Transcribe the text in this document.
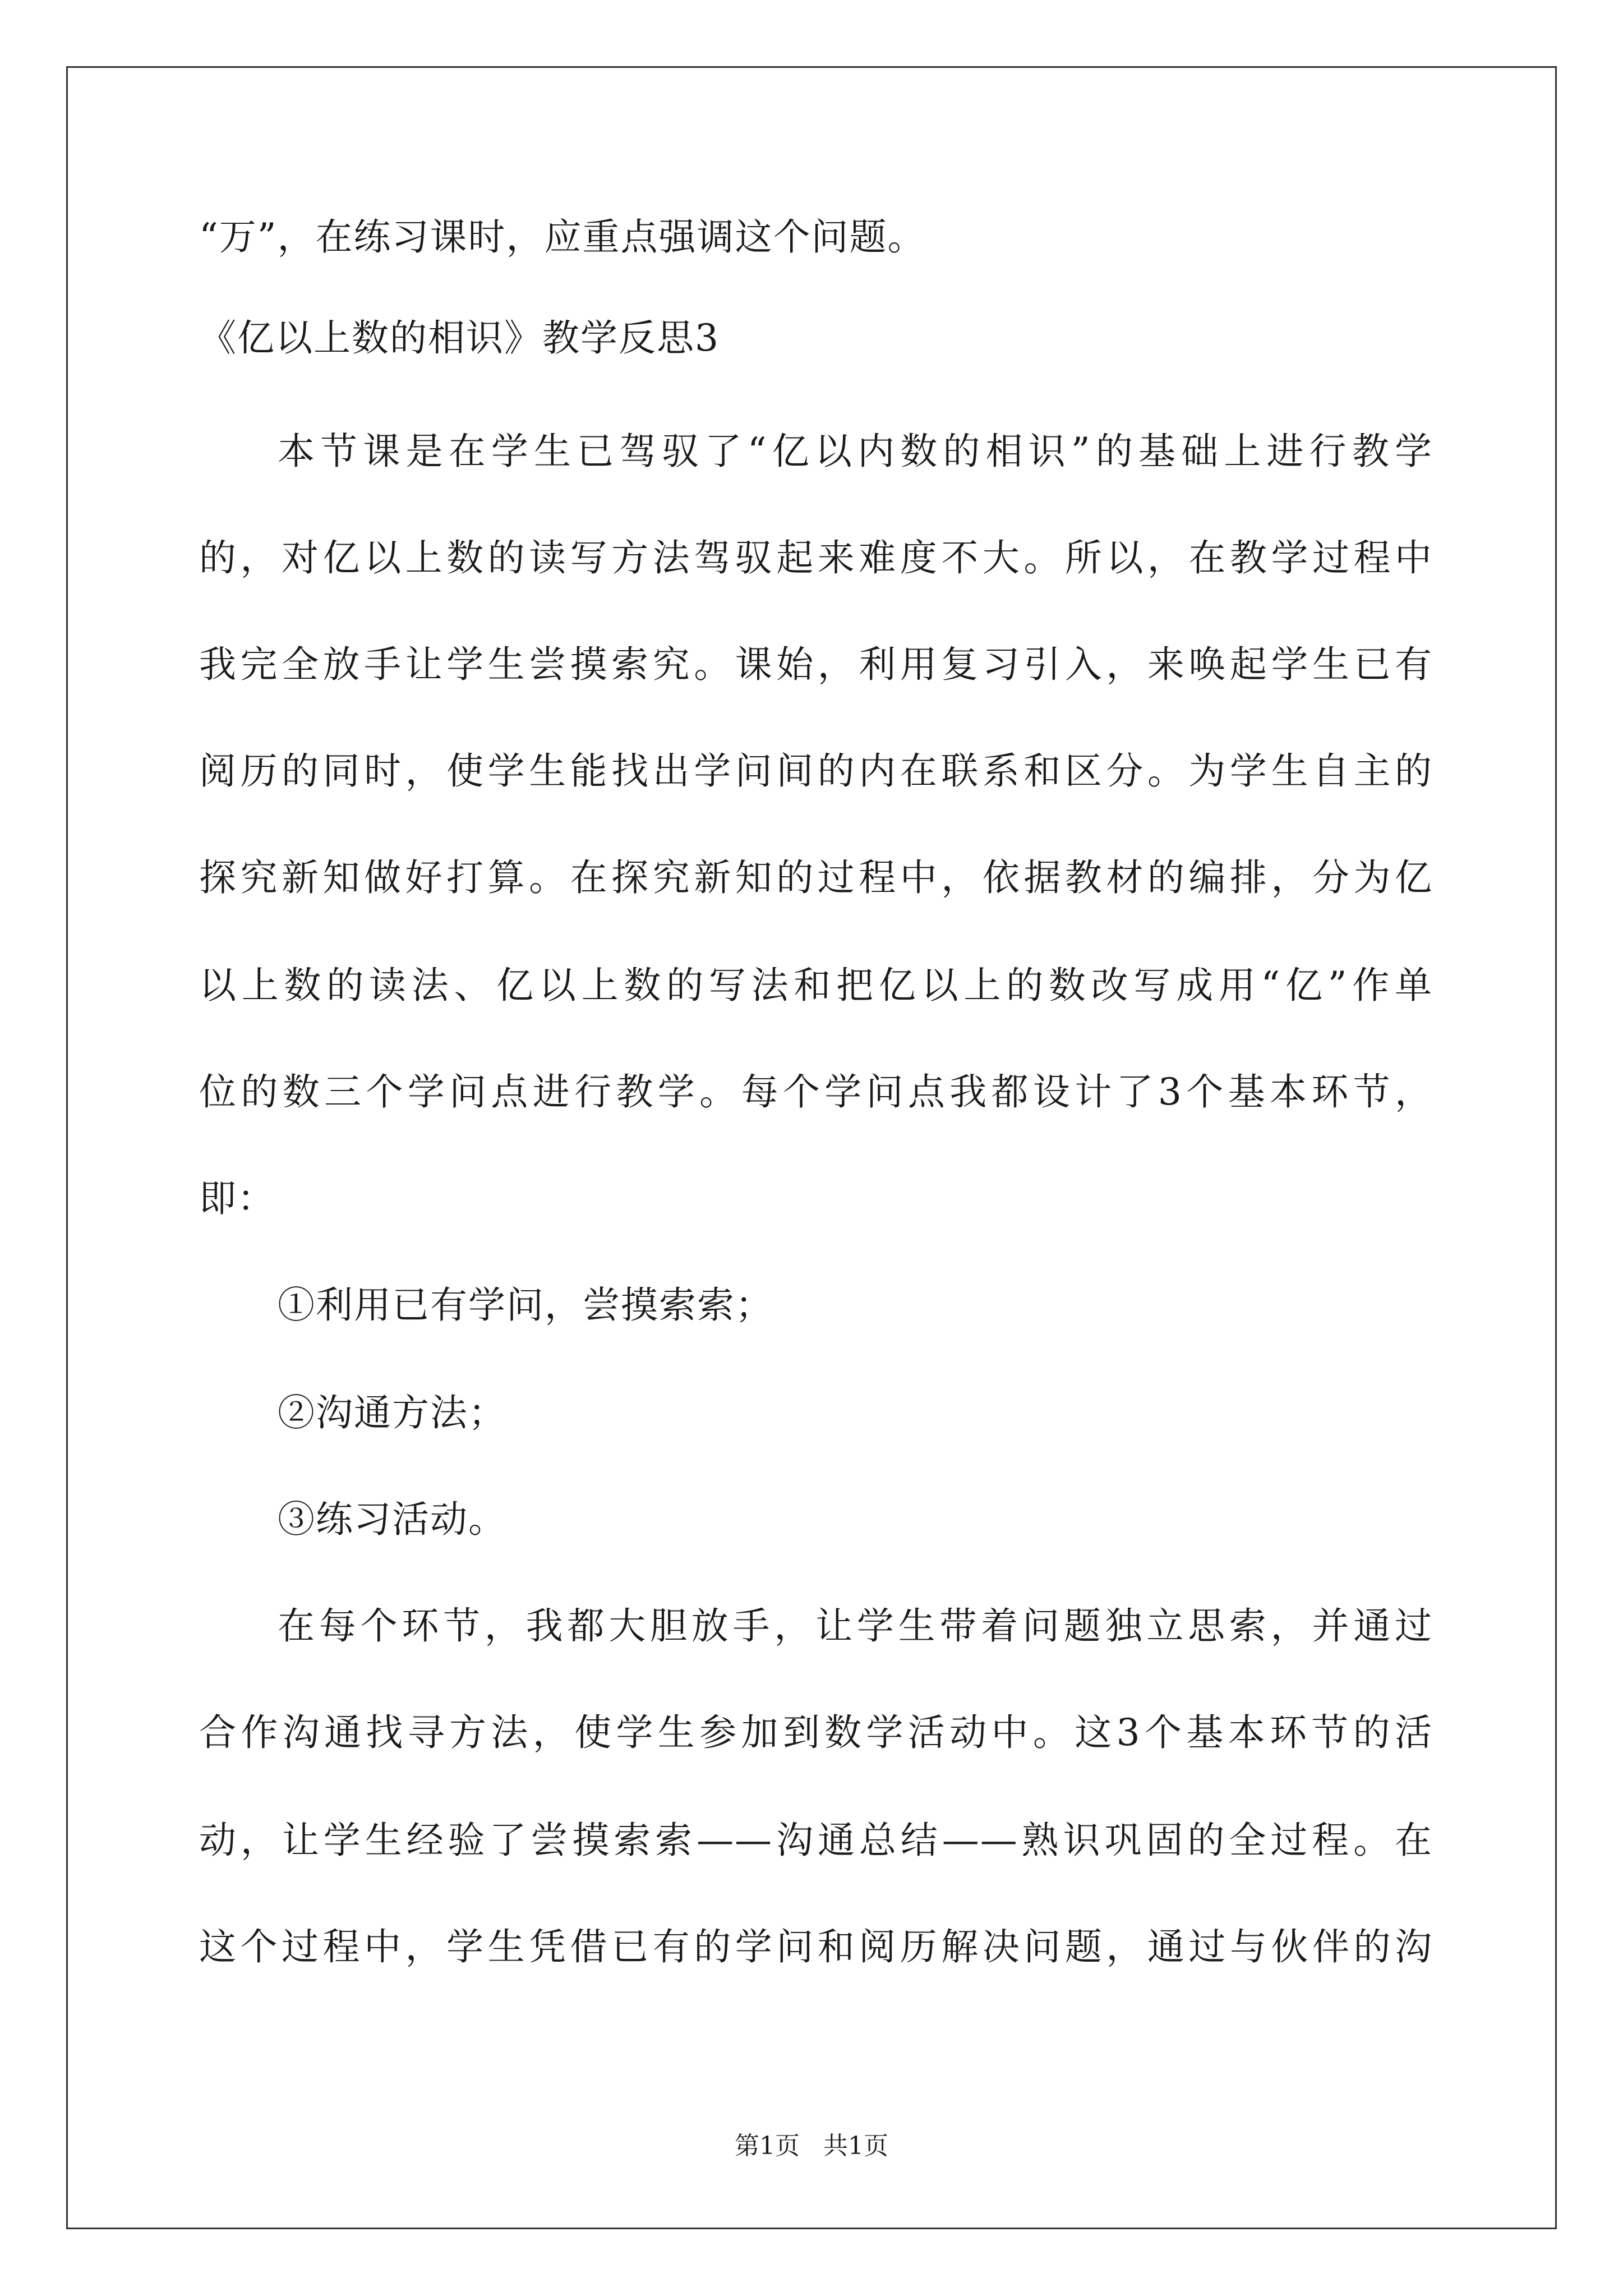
“万”，在练习课时，应重点强调这个问题。
《亿以上数的相识》教学反思3
本节课是在学生已驾驭了“亿以内数的相识”的基础上进行教学
的，对亿以上数的读写方法驾驭起来难度不大。所以，在教学过程中
我完全放手让学生尝摸索究。课始，利用复习引入，来唤起学生已有
阅历的同时，使学生能找出学问间的内在联系和区分。为学生自主的
探究新知做好打算。在探究新知的过程中，依据教材的编排，分为亿
以上数的读法、亿以上数的写法和把亿以上的数改写成用“亿”作单
位的数三个学问点进行教学。每个学问点我都设计了3个基本环节，
即：
①利用已有学问，尝摸索索；
②沟通方法；
③练习活动。
在每个环节，我都大胆放手，让学生带着问题独立思索，并通过
合作沟通找寻方法，使学生参加到数学活动中。这3个基本环节的活
动，让学生经验了尝摸索索——沟通总结——熟识巩固的全过程。在
这个过程中，学生凭借已有的学问和阅历解决问题，通过与伙伴的沟
第1页   共1页
